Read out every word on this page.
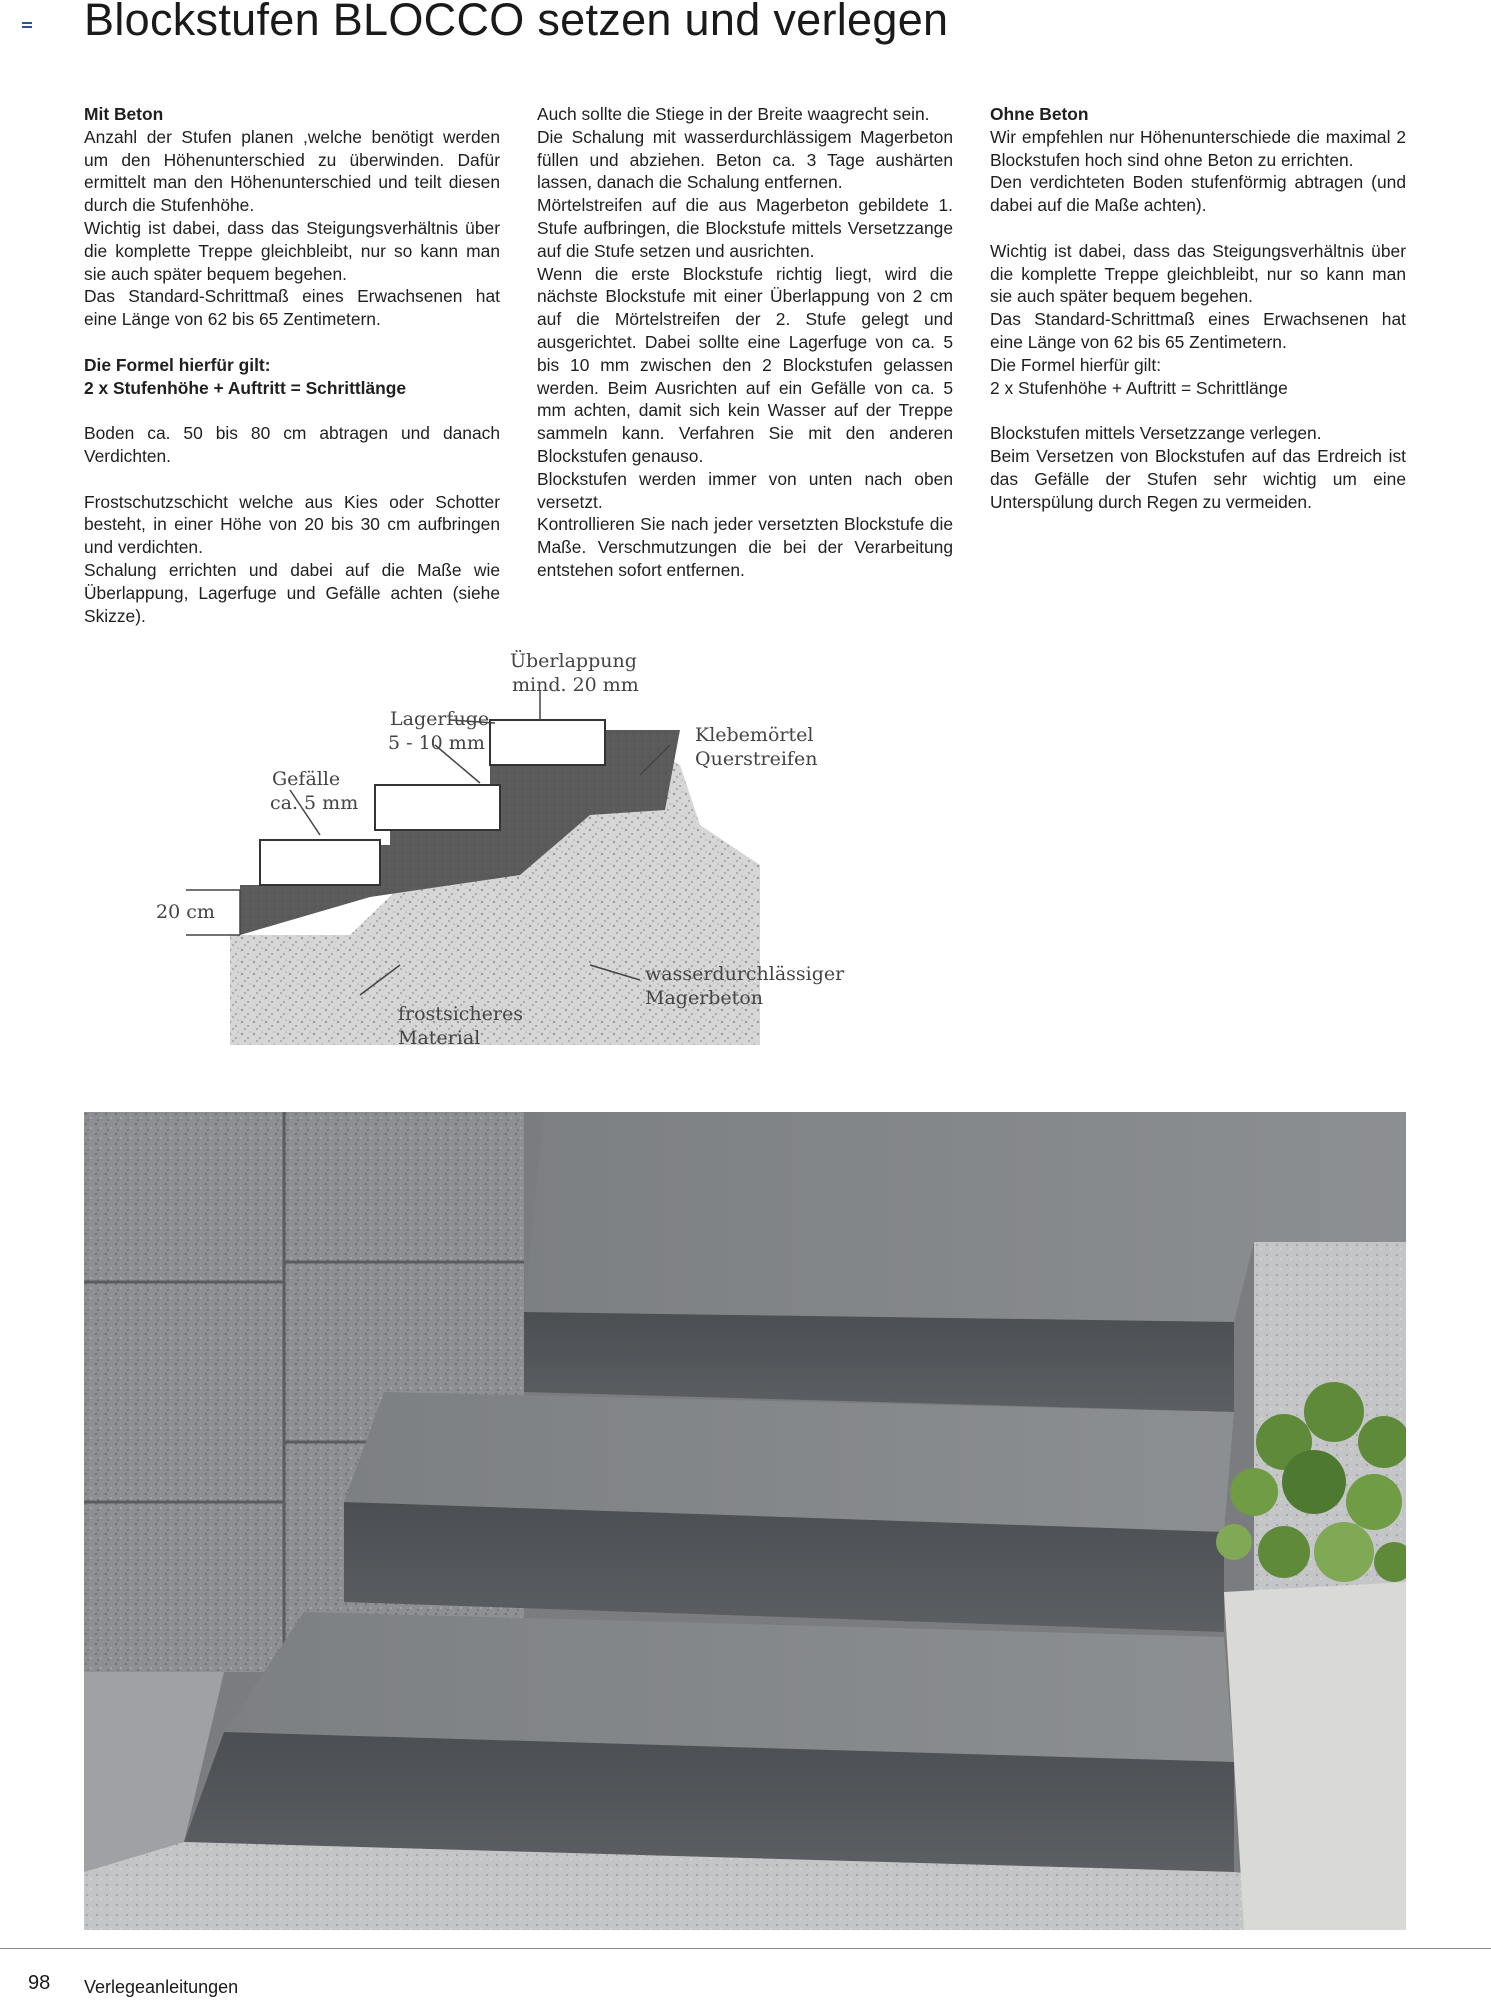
Blockstufen BLOCCO setzen und verlegen

Mit Beton

Anzahl der Stufen planen ,welche benötigt werden um den Höhenunterschied zu überwinden. Dafür ermittelt man den Höhenunterschied und teilt diesen durch die Stufenhöhe.

Wichtig ist dabei, dass das Steigungsverhältnis über die komplette Treppe gleichbleibt, nur so kann man sie auch später bequem begehen.

Das Standard-Schrittmaß eines Erwachsenen hat eine Länge von 62 bis 65 Zentimetern.

Die Formel hierfür gilt:

2 x Stufenhöhe + Auftritt = Schrittlänge

Boden ca. 50 bis 80 cm abtragen und danach Verdichten.

Frostschutzschicht welche aus Kies oder Schotter besteht, in einer Höhe von 20 bis 30 cm aufbringen und verdichten.

Schalung errichten und dabei auf die Maße wie Überlappung, Lagerfuge und Gefälle achten (siehe Skizze).

Auch sollte die Stiege in der Breite waagrecht sein.

Die Schalung mit wasserdurchlässigem Magerbeton füllen und abziehen. Beton ca. 3 Tage aushärten lassen, danach die Schalung entfernen.

Mörtelstreifen auf die aus Magerbeton gebildete 1. Stufe aufbringen, die Blockstufe mittels Versetzzange auf die Stufe setzen und ausrichten.

Wenn die erste Blockstufe richtig liegt, wird die nächste Blockstufe mit einer Überlappung von 2 cm auf die Mörtelstreifen der 2. Stufe gelegt und ausgerichtet. Dabei sollte eine Lagerfuge von ca. 5 bis 10 mm zwischen den 2 Blockstufen gelassen werden. Beim Ausrichten auf ein Gefälle von ca. 5 mm achten, damit sich kein Wasser auf der Treppe sammeln kann. Verfahren Sie mit den anderen Blockstufen genauso.

Blockstufen werden immer von unten nach oben versetzt.

Kontrollieren Sie nach jeder versetzten Blockstufe die Maße. Verschmutzungen die bei der Verarbeitung entstehen sofort entfernen.

Ohne Beton

Wir empfehlen nur Höhenunterschiede die maximal 2 Blockstufen hoch sind ohne Beton zu errichten.

Den verdichteten Boden stufenförmig abtragen (und dabei auf die Maße achten).

Wichtig ist dabei, dass das Steigungsverhältnis über die komplette Treppe gleichbleibt, nur so kann man sie auch später bequem begehen.

Das Standard-Schrittmaß eines Erwachsenen hat eine Länge von 62 bis 65 Zentimetern.

Die Formel hierfür gilt:

2 x Stufenhöhe + Auftritt = Schrittlänge

Blockstufen mittels Versetzzange verlegen.

Beim Versetzen von Blockstufen auf das Erdreich ist das Gefälle der Stufen sehr wichtig um eine Unterspülung durch Regen zu vermeiden.

Überlappung
mind. 20 mm
Lagerfuge
5 - 10 mm	Klebemörtel
Querstreifen
Gefälle
ca. 5 mm
20 cm
wasserdurchlässiger
Magerbeton
frostsicheres
Material
98 Verlegeanleitungen
